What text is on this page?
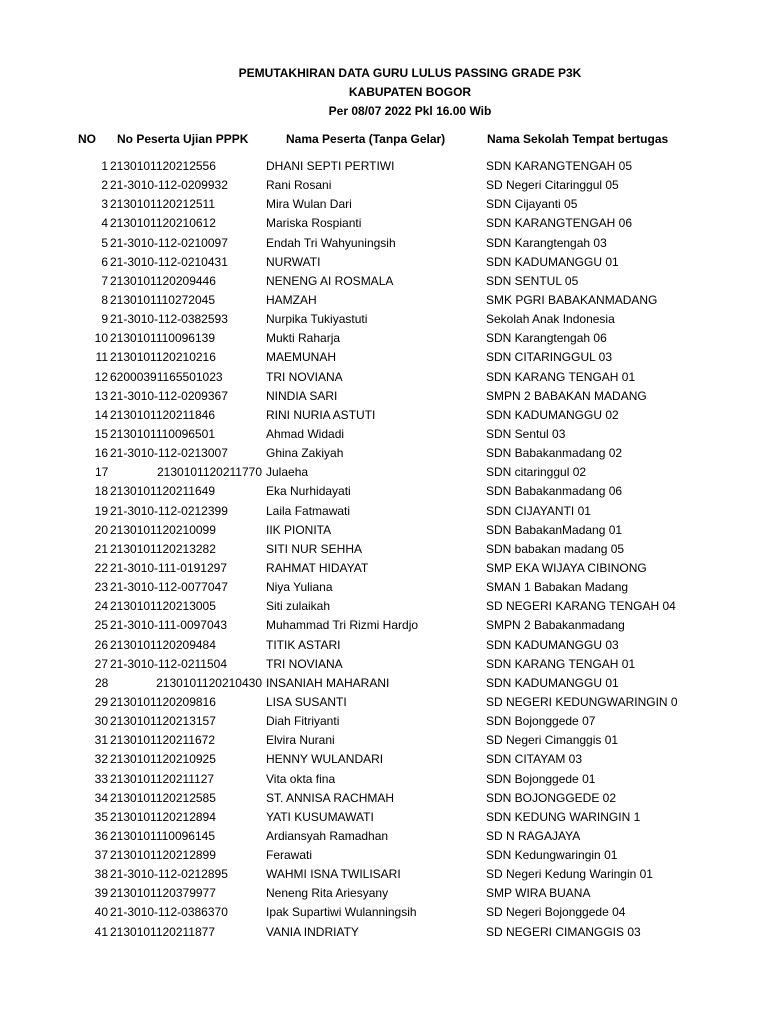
PEMUTAKHIRAN DATA GURU LULUS PASSING GRADE P3K
KABUPATEN BOGOR
Per 08/07 2022 Pkl 16.00 Wib
NO No Peserta Ujian PPPK	Nama Peserta (Tanpa Gelar)	Nama Sekolah Tempat bertugas
1 2130101120212556	DHANI SEPTI PERTIWI	SDN KARANGTENGAH 05
2 21-3010-112-0209932	Rani Rosani	SD Negeri Citaringgul 05
3 2130101120212511	Mira Wulan Dari	SDN Cijayanti 05
4 2130101120210612	Mariska Rospianti	SDN KARANGTENGAH 06
5 21-3010-112-0210097	Endah Tri Wahyuningsih	SDN Karangtengah 03
6 21-3010-112-0210431	NURWATI	SDN KADUMANGGU 01
7 2130101120209446	NENENG AI ROSMALA	SDN SENTUL 05
8 2130101110272045	HAMZAH	SMK PGRI BABAKANMADANG
9 21-3010-112-0382593	Nurpika Tukiyastuti	Sekolah Anak Indonesia
10 2130101110096139	Mukti Raharja	SDN Karangtengah 06
11 2130101120210216	MAEMUNAH	SDN CITARINGGUL 03
12 62000391165501023	TRI NOVIANA	SDN KARANG TENGAH 01
13 21-3010-112-0209367	NINDIA SARI	SMPN 2 BABAKAN MADANG
14 2130101120211846	RINI NURIA ASTUTI	SDN KADUMANGGU 02
15 2130101110096501	Ahmad Widadi	SDN Sentul 03
16 21-3010-112-0213007	Ghina Zakiyah	SDN Babakanmadang 02
17	2130101120211770 Julaeha	SDN citaringgul 02
18 2130101120211649	Eka Nurhidayati	SDN Babakanmadang 06
19 21-3010-112-0212399	Laila Fatmawati	SDN CIJAYANTI 01
20 2130101120210099	IIK PIONITA	SDN BabakanMadang 01
21 2130101120213282	SITI NUR SEHHA	SDN babakan madang 05
22 21-3010-111-0191297	RAHMAT HIDAYAT	SMP EKA WIJAYA CIBINONG
23 21-3010-112-0077047	Niya Yuliana	SMAN 1 Babakan Madang
24 2130101120213005	Siti zulaikah	SD NEGERI KARANG TENGAH 04
25 21-3010-111-0097043	Muhammad Tri Rizmi Hardjo	SMPN 2 Babakanmadang
26 2130101120209484	TITIK ASTARI	SDN KADUMANGGU 03
27 21-3010-112-0211504	TRI NOVIANA	SDN KARANG TENGAH 01
28	2130101120210430 INSANIAH MAHARANI	SDN KADUMANGGU 01
29 2130101120209816	LISA SUSANTI	SD NEGERI KEDUNGWARINGIN 0
30 2130101120213157	Diah Fitriyanti	SDN Bojonggede 07
31 2130101120211672	Elvira Nurani	SD Negeri Cimanggis 01
32 2130101120210925	HENNY WULANDARI	SDN CITAYAM 03
33 2130101120211127	Vita okta fina	SDN Bojonggede 01
34 2130101120212585	ST. ANNISA RACHMAH	SDN BOJONGGEDE 02
35 2130101120212894	YATI KUSUMAWATI	SDN KEDUNG WARINGIN 1
36 2130101110096145	Ardiansyah Ramadhan	SD N RAGAJAYA
37 2130101120212899	Ferawati	SDN Kedungwaringin 01
38 21-3010-112-0212895	WAHMI ISNA TWILISARI	SD Negeri Kedung Waringin 01
39 2130101120379977	Neneng Rita Ariesyany	SMP WIRA BUANA
40 21-3010-112-0386370	Ipak Supartiwi Wulanningsih	SD Negeri Bojonggede 04
41 2130101120211877	VANIA INDRIATY	SD NEGERI CIMANGGIS 03
